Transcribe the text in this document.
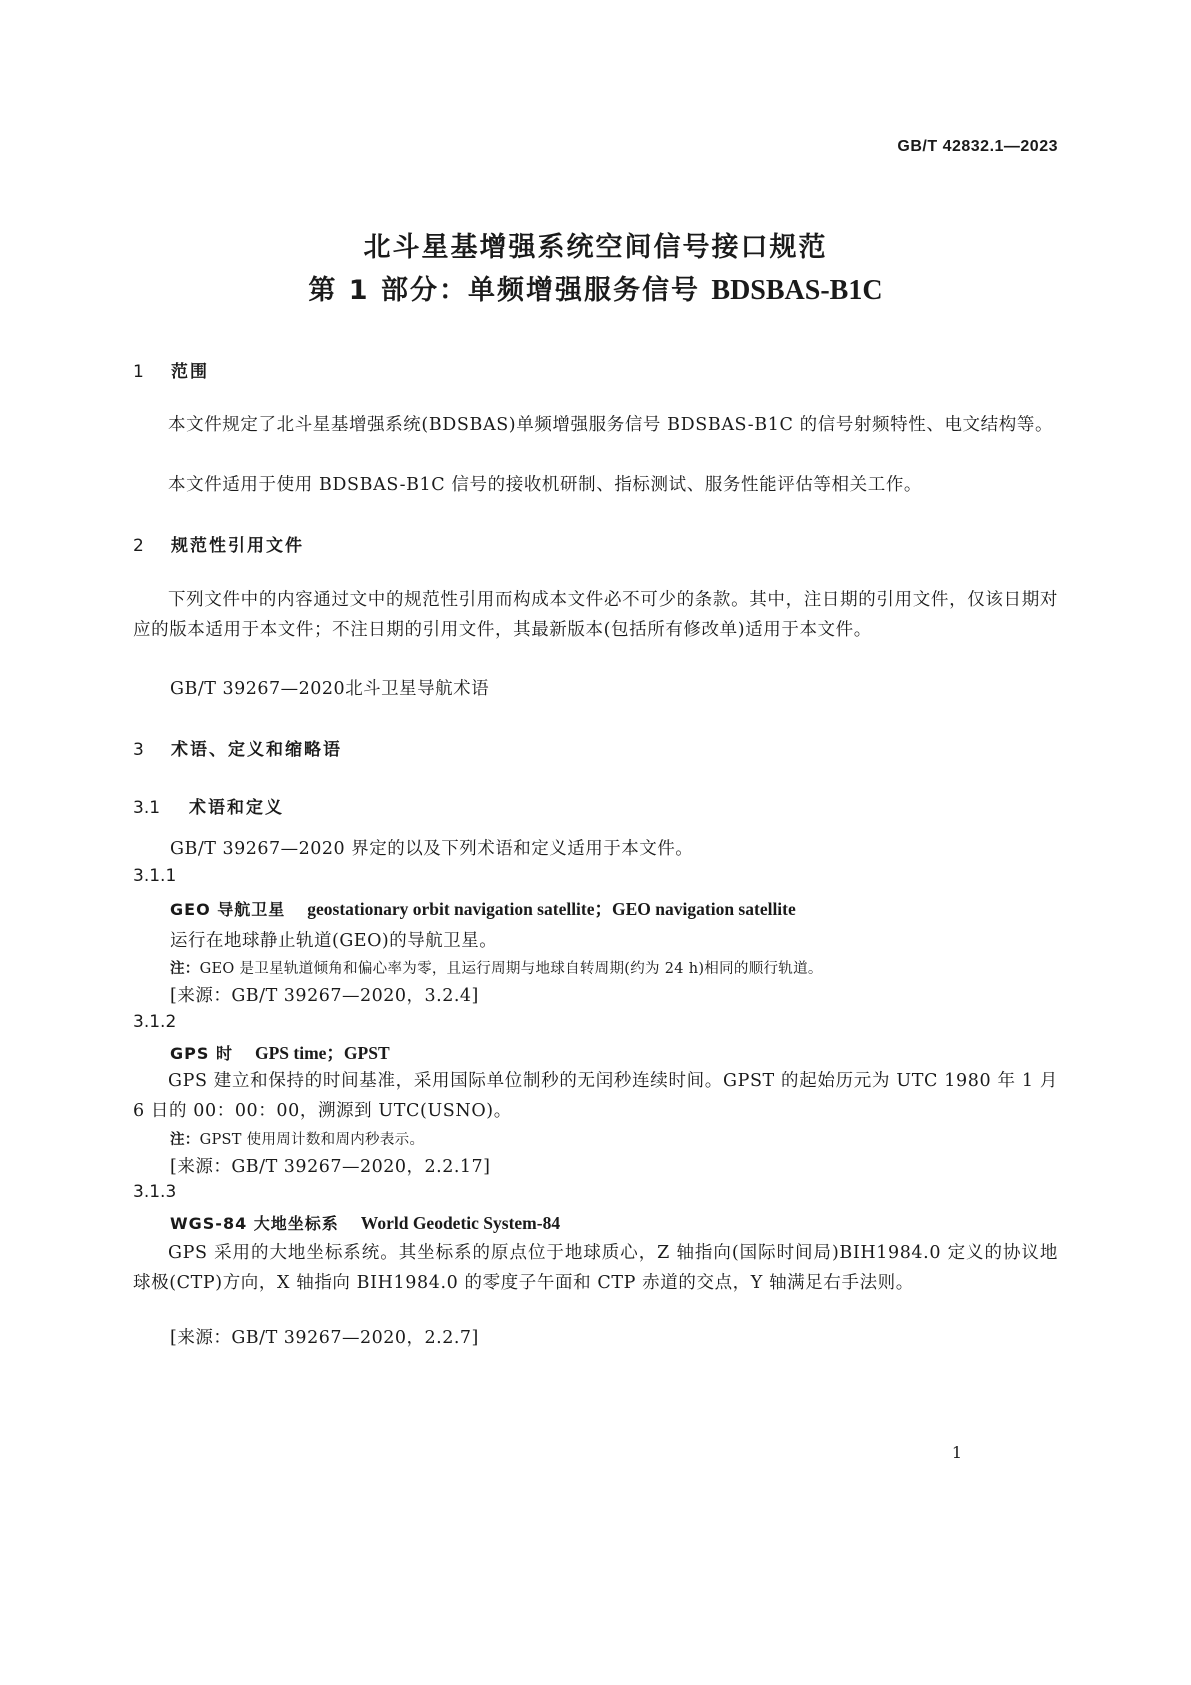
GB/T 42832.1—2023
北斗星基增强系统空间信号接口规范
第 1 部分：单频增强服务信号 BDSBAS-B1C
1 范围
本文件规定了北斗星基增强系统(BDSBAS)单频增强服务信号 BDSBAS-B1C 的信号射频特性、电文结构等。
本文件适用于使用 BDSBAS-B1C 信号的接收机研制、指标测试、服务性能评估等相关工作。
2 规范性引用文件
下列文件中的内容通过文中的规范性引用而构成本文件必不可少的条款。其中，注日期的引用文件，仅该日期对应的版本适用于本文件；不注日期的引用文件，其最新版本(包括所有修改单)适用于本文件。
GB/T 39267—2020北斗卫星导航术语
3 术语、定义和缩略语
3.1 术语和定义
GB/T 39267—2020 界定的以及下列术语和定义适用于本文件。
3.1.1
GEO 导航卫星 geostationary orbit navigation satellite；GEO navigation satellite
运行在地球静止轨道(GEO)的导航卫星。
注：GEO 是卫星轨道倾角和偏心率为零，且运行周期与地球自转周期(约为 24 h)相同的顺行轨道。
[来源：GB/T 39267—2020，3.2.4]
3.1.2
GPS 时 GPS time；GPST
GPS 建立和保持的时间基准，采用国际单位制秒的无闰秒连续时间。GPST 的起始历元为 UTC 1980 年 1 月 6 日的 00：00：00，溯源到 UTC(USNO)。
注：GPST 使用周计数和周内秒表示。
[来源：GB/T 39267—2020，2.2.17]
3.1.3
WGS-84 大地坐标系 World Geodetic System-84
GPS 采用的大地坐标系统。其坐标系的原点位于地球质心，Z 轴指向(国际时间局)BIH1984.0 定义的协议地球极(CTP)方向，X 轴指向 BIH1984.0 的零度子午面和 CTP 赤道的交点，Y 轴满足右手法则。
[来源：GB/T 39267—2020，2.2.7]
1
